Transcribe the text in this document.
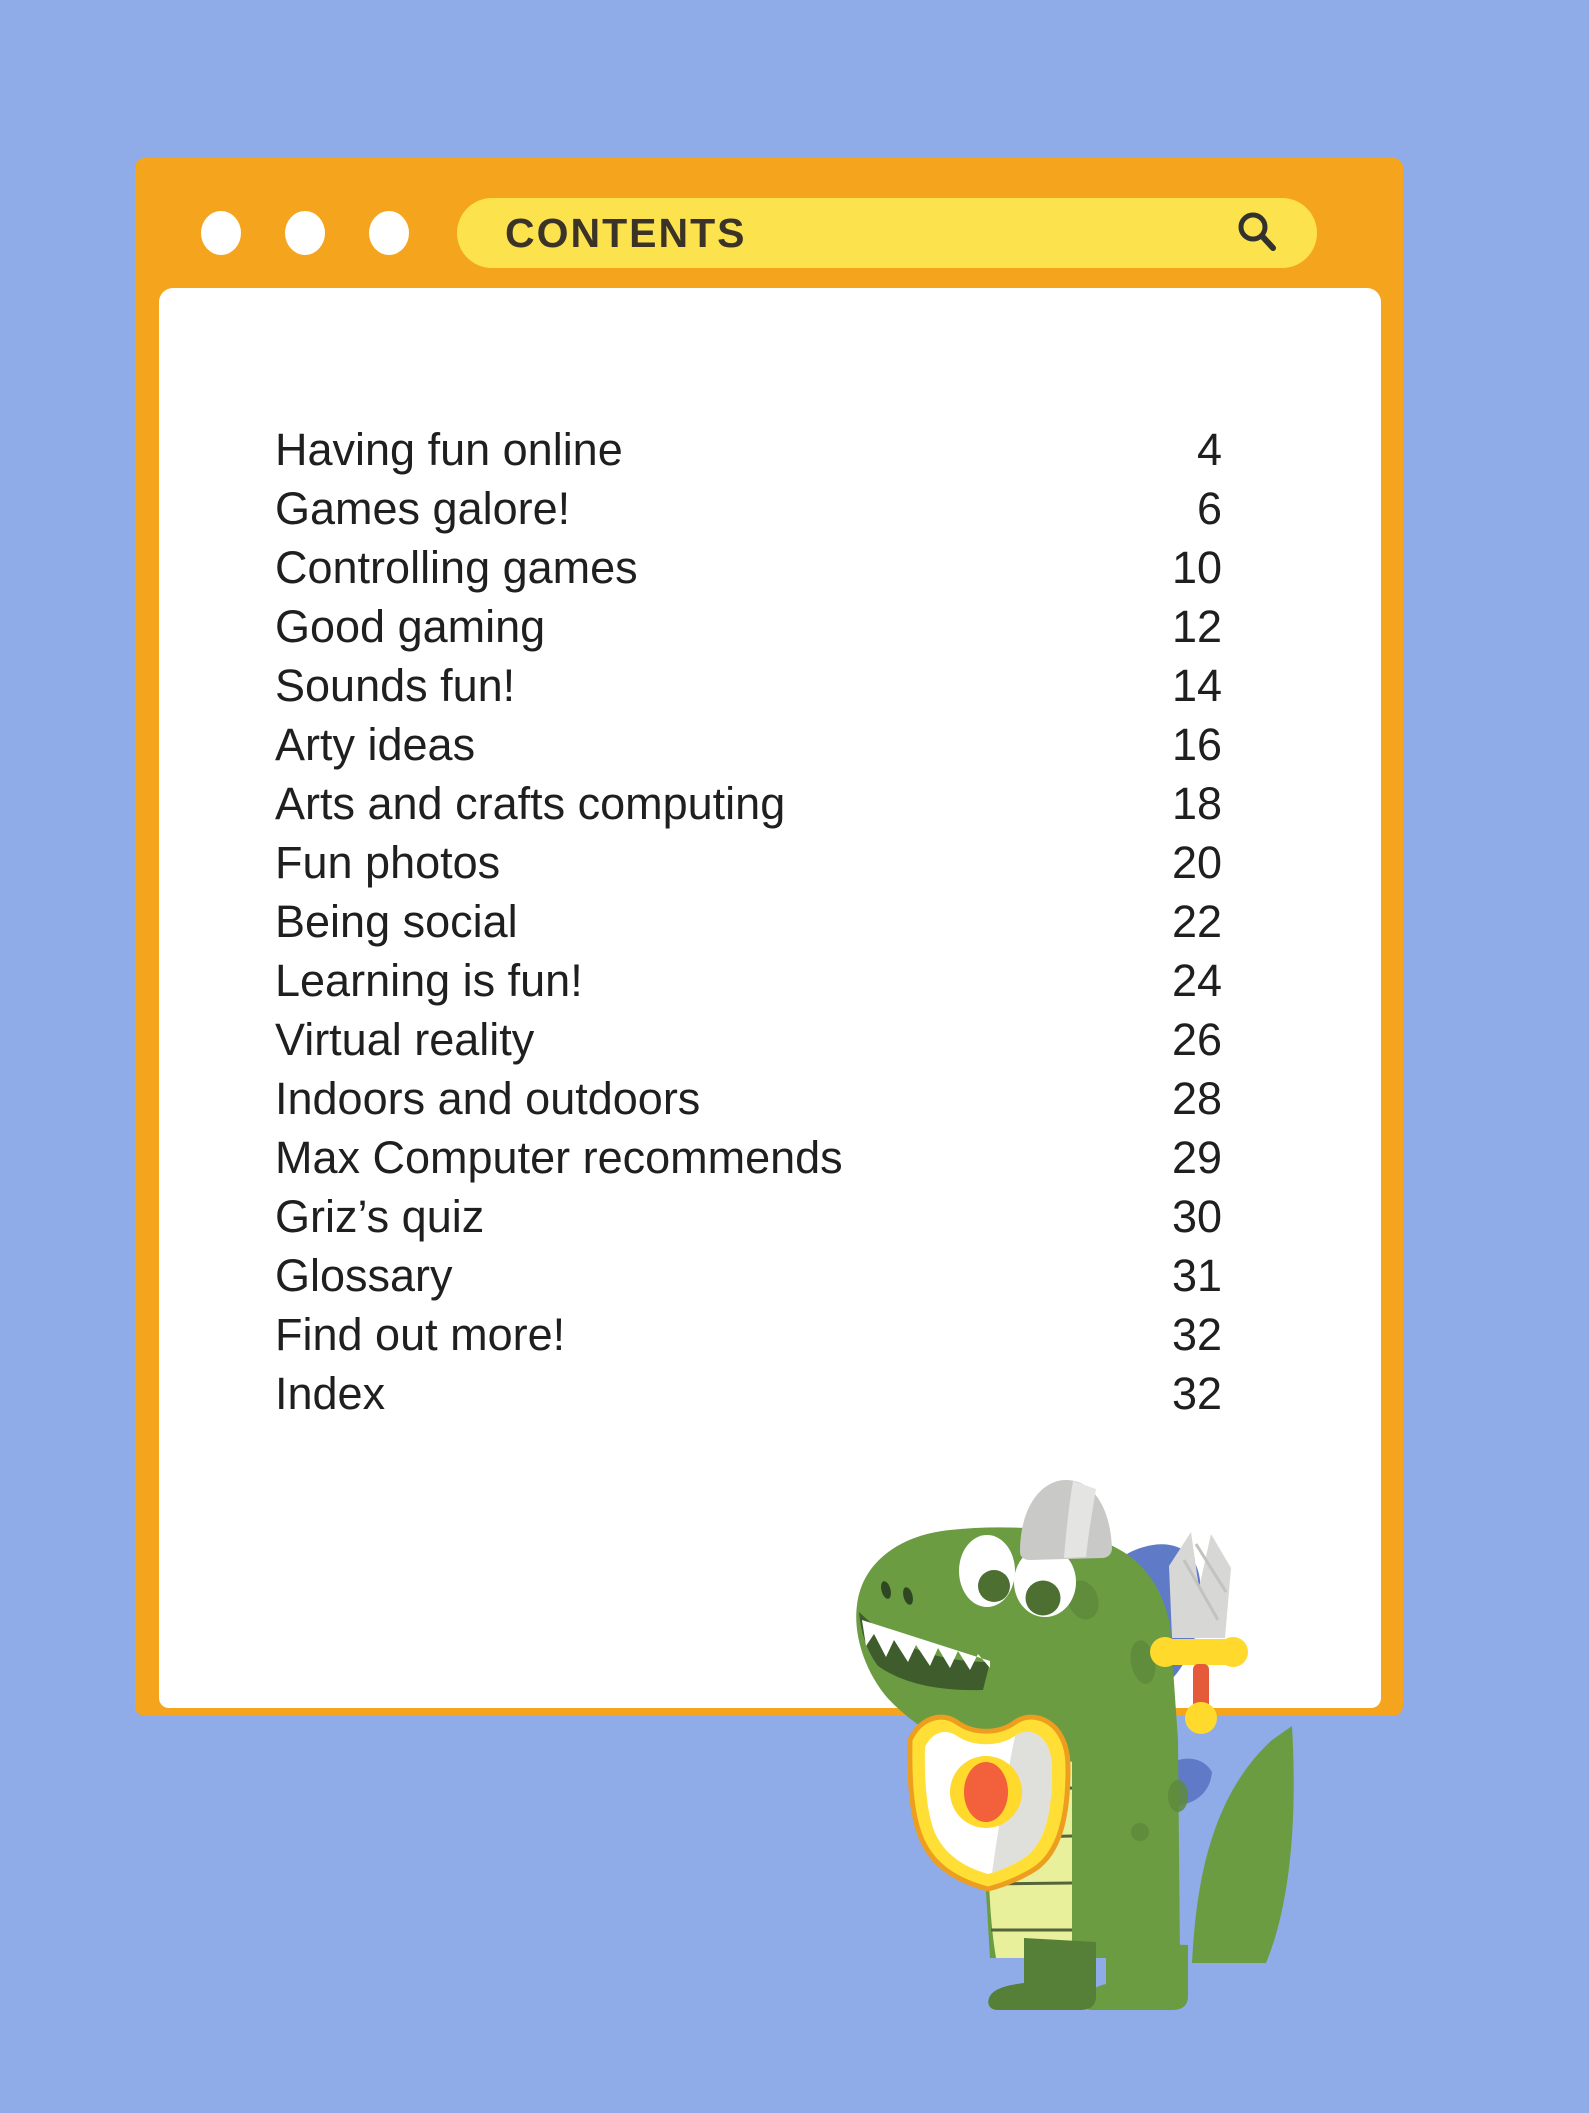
CONTENTS
Having fun online	4
Games galore!	6
Controlling games	10
Good gaming	12
Sounds fun!	14
Arty ideas	16
Arts and crafts computing	18
Fun photos	20
Being social	22
Learning is fun!	24
Virtual reality	26
Indoors and outdoors	28
Max Computer recommends	29
Griz’s quiz	30
Glossary	31
Find out more!	32
Index	32
